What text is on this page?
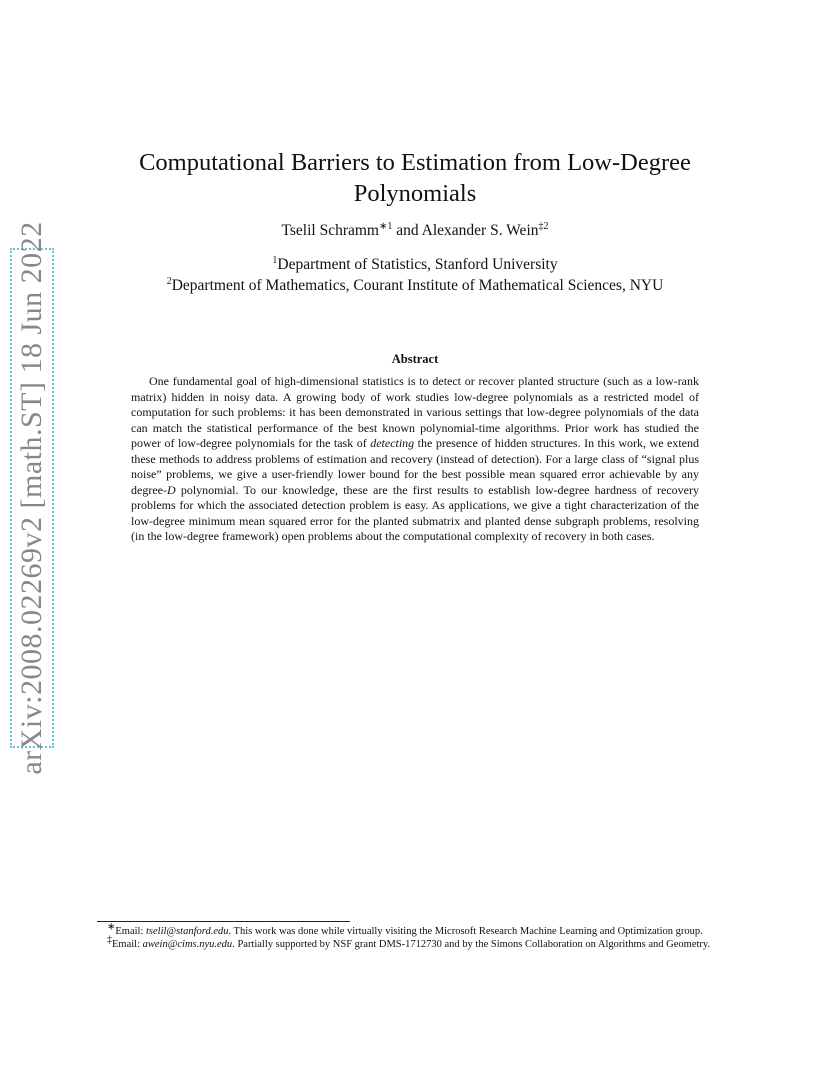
arXiv:2008.02269v2 [math.ST] 18 Jun 2022
Computational Barriers to Estimation from Low-Degree Polynomials
Tselil Schramm$^{∗1}$ and Alexander S. Wein$^{\ddagger 2}$
$^1$Department of Statistics, Stanford University
$^2$Department of Mathematics, Courant Institute of Mathematical Sciences, NYU
Abstract

One fundamental goal of high-dimensional statistics is to detect or recover planted structure (such as a low-rank matrix) hidden in noisy data. A growing body of work studies low-degree polynomials as a restricted model of computation for such problems: it has been demonstrated in various settings that low-degree polynomials of the data can match the statistical performance of the best known polynomial-time algorithms. Prior work has studied the power of low-degree polynomials for the task of detecting the presence of hidden structures. In this work, we extend these methods to address problems of estimation and recovery (instead of detection). For a large class of “signal plus noise” problems, we give a user-friendly lower bound for the best possible mean squared error achievable by any degree-D polynomial. To our knowledge, these are the first results to establish low-degree hardness of recovery problems for which the associated detection problem is easy. As applications, we give a tight characterization of the low-degree minimum mean squared error for the planted submatrix and planted dense subgraph problems, resolving (in the low-degree framework) open problems about the computational complexity of recovery in both cases.

∗Email: tselil@stanford.edu. This work was done while virtually visiting the Microsoft Research Machine Learning and Optimization group.

‡Email: awein@cims.nyu.edu. Partially supported by NSF grant DMS-1712730 and by the Simons Collaboration on Algorithms and Geometry.
